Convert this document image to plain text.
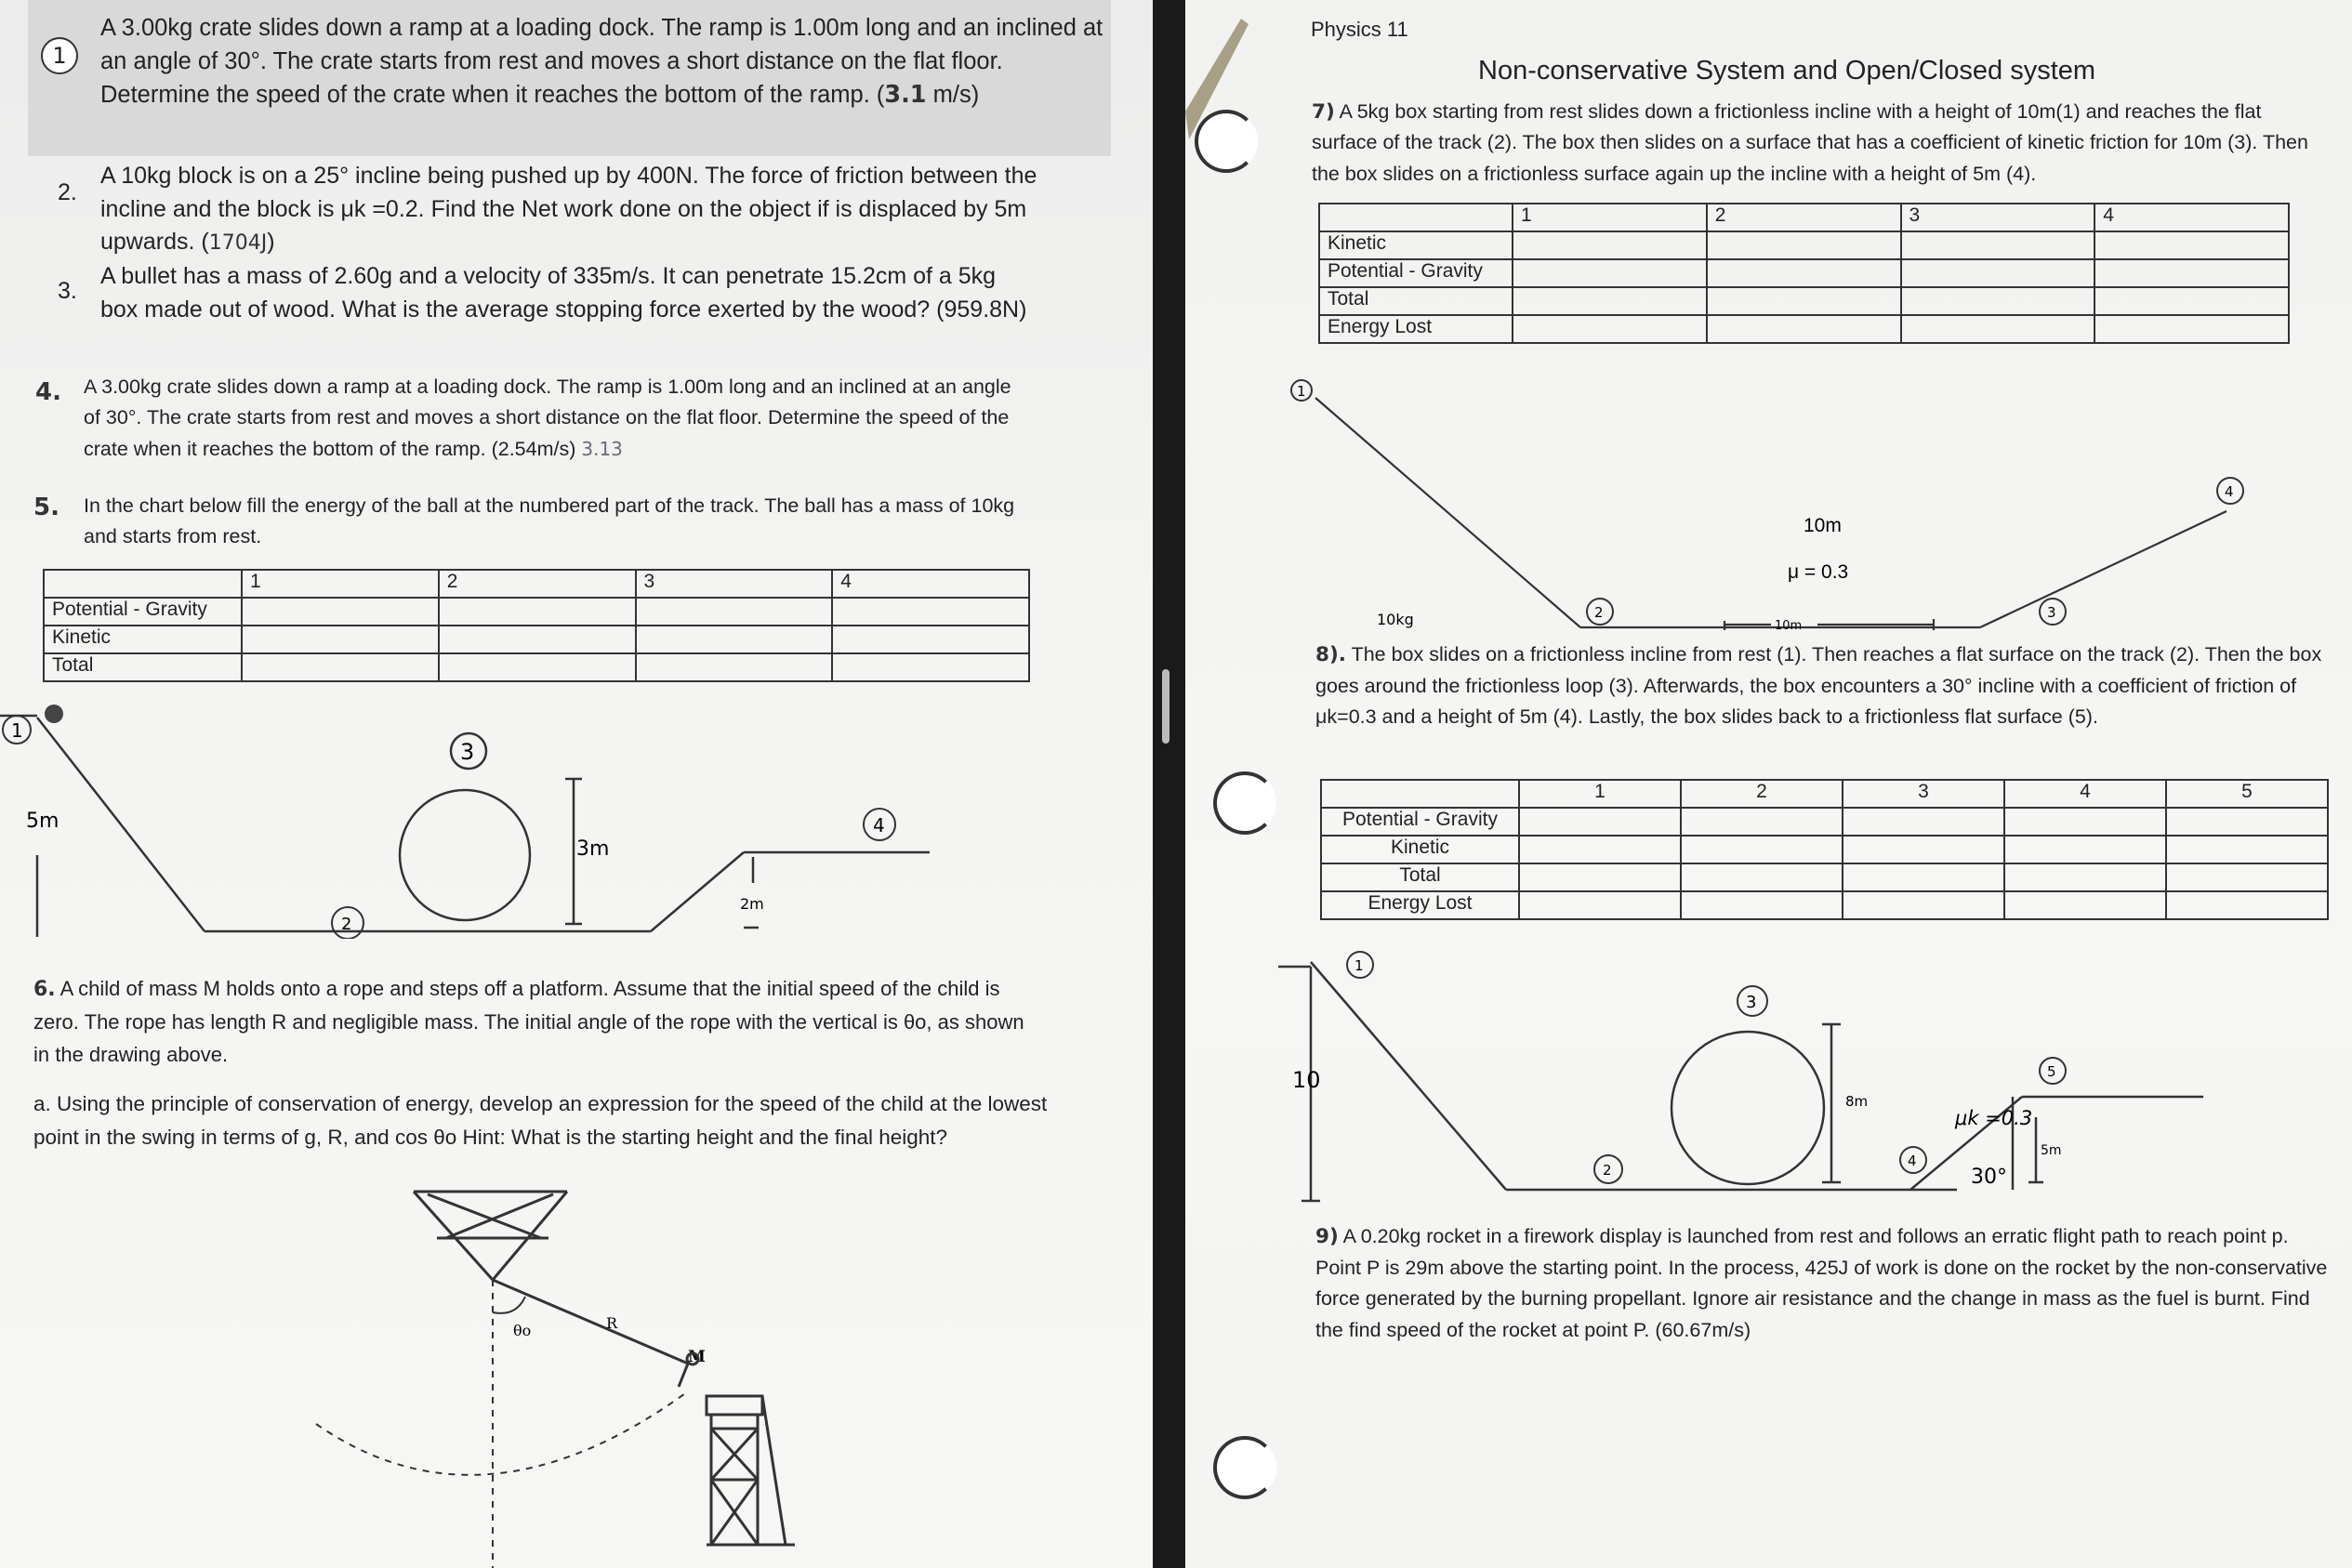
1
A 3.00kg crate slides down a ramp at a loading dock. The ramp is 1.00m long and an inclined at an angle of 30°. The crate starts from rest and moves a short distance on the flat floor. Determine the speed of the crate when it reaches the bottom of the ramp. (3.1 m/s)
2.
A 10kg block is on a 25° incline being pushed up by 400N. The force of friction between the incline and the block is μk =0.2. Find the Net work done on the object if is displaced by 5m upwards. (1704J)
3.
A bullet has a mass of 2.60g and a velocity of 335m/s. It can penetrate 15.2cm of a 5kg box made out of wood. What is the average stopping force exerted by the wood? (959.8N)
4. A 3.00kg crate slides down a ramp at a loading dock. The ramp is 1.00m long and an inclined at an angle of 30°. The crate starts from rest and moves a short distance on the flat floor. Determine the speed of the crate when it reaches the bottom of the ramp. (2.54m/s) 3.13
5. In the chart below fill the energy of the ball at the numbered part of the track. The ball has a mass of 10kg and starts from rest.
	1	2	3	4
Potential - Gravity				
Kinetic				
Total				
1
5m
2
3
3m
4
2m
6. A child of mass M holds onto a rope and steps off a platform. Assume that the initial speed of the child is zero. The rope has length R and negligible mass. The initial angle of the rope with the vertical is θo, as shown in the drawing above.
a. Using the principle of conservation of energy, develop an expression for the speed of the child at the lowest point in the swing in terms of g, R, and cos θo Hint: What is the starting height and the final height?
θo	R
M
Physics 11
Non-conservative System and Open/Closed system
7) A 5kg box starting from rest slides down a frictionless incline with a height of 10m(1) and reaches the flat surface of the track (2). The box then slides on a surface that has a coefficient of kinetic friction for 10m (3). Then the box slides on a frictionless surface again up the incline with a height of 5m (4).
	1	2	3	4
Kinetic				
Potential - Gravity				
Total				
Energy Lost				
1
2	3
4
10m
μ = 0.3
10kg	10m
8). The box slides on a frictionless incline from rest (1). Then reaches a flat surface on the track (2). Then the box goes around the frictionless loop (3). Afterwards, the box encounters a 30° incline with a coefficient of friction of μk=0.3 and a height of 5m (4). Lastly, the box slides back to a frictionless flat surface (5).
	1	2	3	4	5
Potential - Gravity					
Kinetic					
Total					
Energy Lost					
1
10
2
3
8m
4
μk =0.3
5
30°
5m
9) A 0.20kg rocket in a firework display is launched from rest and follows an erratic flight path to reach point p. Point P is 29m above the starting point. In the process, 425J of work is done on the rocket by the non-conservative force generated by the burning propellant. Ignore air resistance and the change in mass as the fuel is burnt. Find the find speed of the rocket at point P. (60.67m/s)
